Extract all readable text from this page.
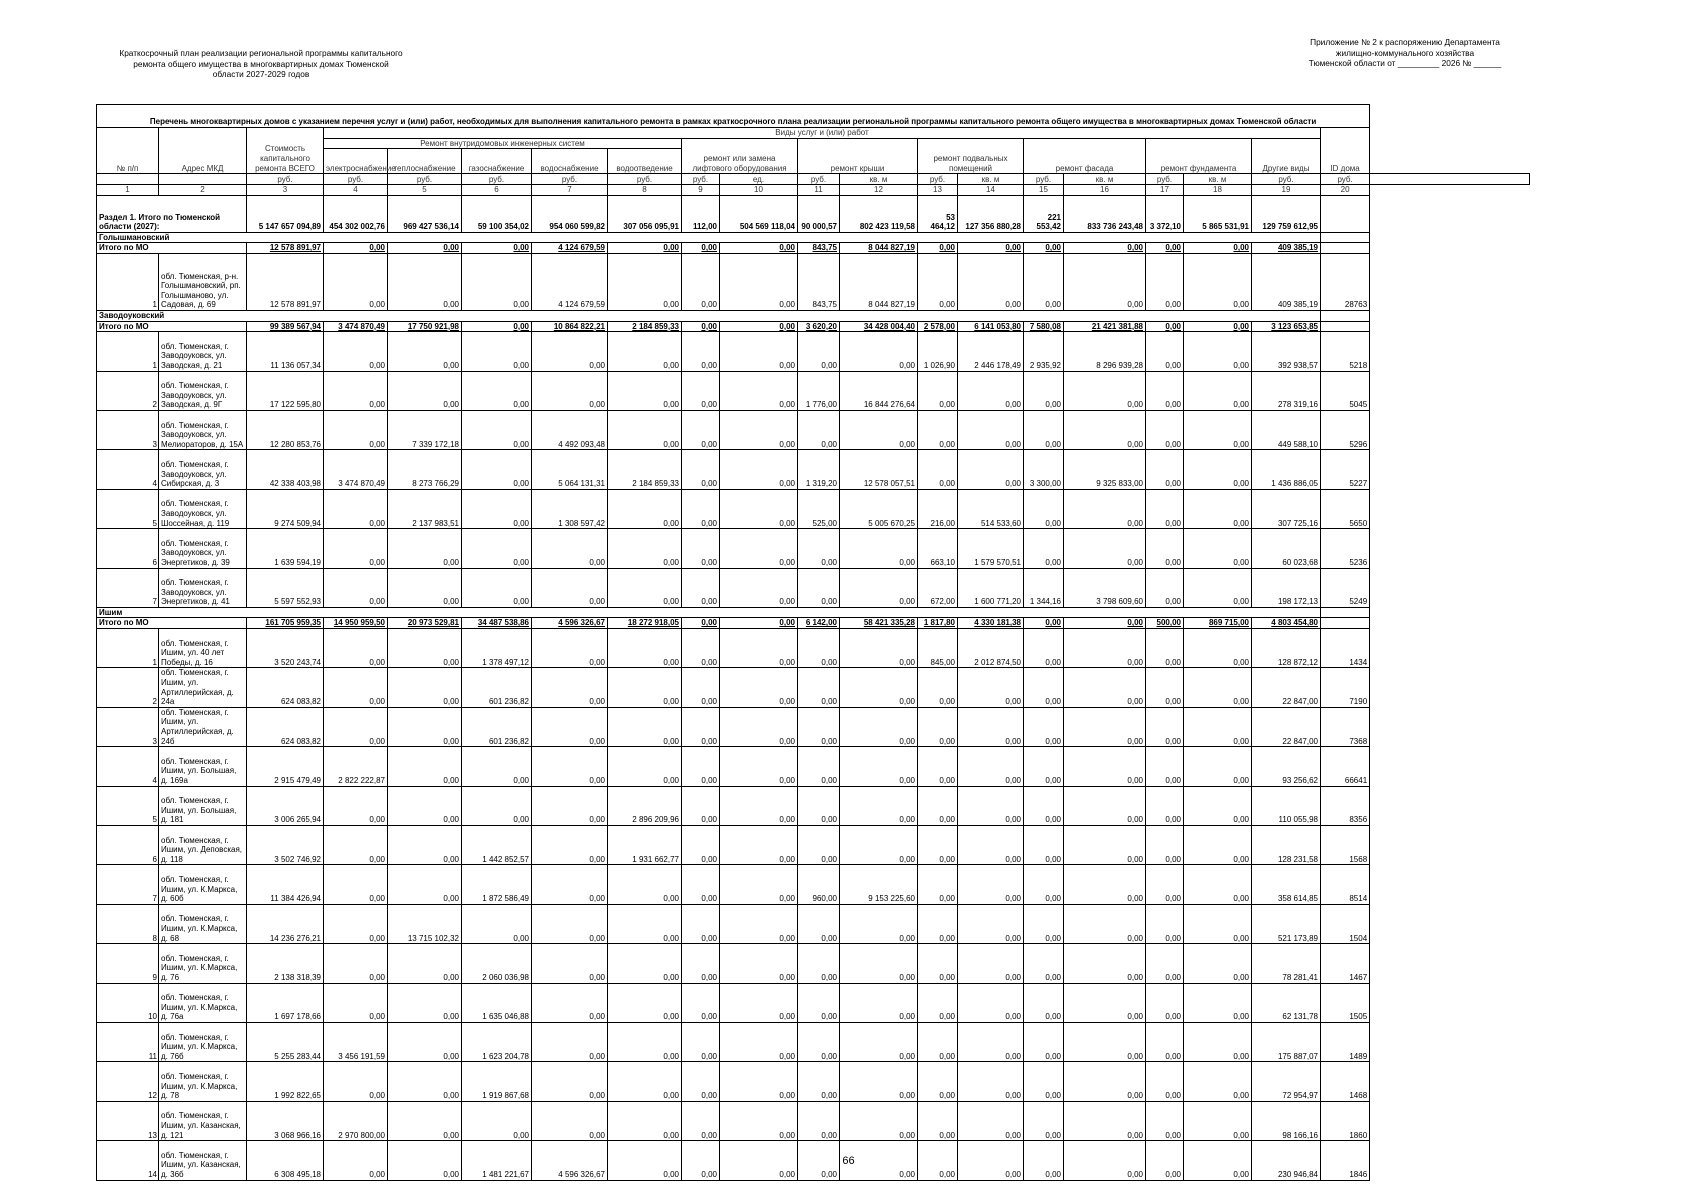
Краткосрочный план реализации региональной программы капитального
ремонта общего имущества в многоквартирных домах Тюменской
области 2027-2029 годов
Приложение № 2 к распоряжению Департамента
жилищно-коммунального хозяйства
Тюменской области от _________ 2026 № ______
Перечень многоквартирных домов с указанием перечня услуг и (или) работ, необходимых для выполнения капитального ремонта в рамках краткосрочного плана реализации региональной программы капитального ремонта общего имущества в многоквартирных домах Тюменской области																				
№ п/п	Адрес МКД	Стоимость капитального ремонта ВСЕГО	Виды услуг и (или) работ																ID дома	
			Ремонт внутридомовых инженерных систем					ремонт или замена лифтового оборудования		ремонт крыши		ремонт подвальных помещений		ремонт фасада		ремонт фундамента		Другие виды		
			электроснабжение	теплоснабжение	газоснабжение	водоснабжение	водоотведение													
		руб.	руб.	руб.	руб.	руб.	руб.	руб.	ед.	руб.	кв. м	руб.	кв. м	руб.	кв. м	руб.	кв. м	руб.	руб.	
1	2	3	4	5	6	7	8	9	10	11	12	13	14	15	16	17	18	19	20	
Раздел 1. Итого по Тюменской области (2027):		5 147 657 094,89	454 302 002,76	969 427 536,14	59 100 354,02	954 060 599,82	307 056 095,91	112,00	504 569 118,04	90 000,57	802 423 119,58	53 464,12	127 356 880,28	221 553,42	833 736 243,48	3 372,10	5 865 531,91	129 759 612,95		
Голышмановский																				
Итого по МО		12 578 891,97	0,00	0,00	0,00	4 124 679,59	0,00	0,00	0,00	843,75	8 044 827,19	0,00	0,00	0,00	0,00	0,00	0,00	409 385,19		
1	обл. Тюменская, р-н. Голышмановский, рп. Голышманово, ул. Садовая, д. 69	12 578 891,97	0,00	0,00	0,00	4 124 679,59	0,00	0,00	0,00	843,75	8 044 827,19	0,00	0,00	0,00	0,00	0,00	0,00	409 385,19	28763	
Заводоуковский																				
Итого по МО		99 389 567,94	3 474 870,49	17 750 921,98	0,00	10 864 822,21	2 184 859,33	0,00	0,00	3 620,20	34 428 004,40	2 578,00	6 141 053,80	7 580,08	21 421 381,88	0,00	0,00	3 123 653,85		
1	обл. Тюменская, г. Заводоуковск, ул. Заводская, д. 21	11 136 057,34	0,00	0,00	0,00	0,00	0,00	0,00	0,00	0,00	0,00	1 026,90	2 446 178,49	2 935,92	8 296 939,28	0,00	0,00	392 938,57	5218	
2	обл. Тюменская, г. Заводоуковск, ул. Заводская, д. 9Г	17 122 595,80	0,00	0,00	0,00	0,00	0,00	0,00	0,00	1 776,00	16 844 276,64	0,00	0,00	0,00	0,00	0,00	0,00	278 319,16	5045	
3	обл. Тюменская, г. Заводоуковск, ул. Мелиораторов, д. 15А	12 280 853,76	0,00	7 339 172,18	0,00	4 492 093,48	0,00	0,00	0,00	0,00	0,00	0,00	0,00	0,00	0,00	0,00	0,00	449 588,10	5296	
4	обл. Тюменская, г. Заводоуковск, ул. Сибирская, д. 3	42 338 403,98	3 474 870,49	8 273 766,29	0,00	5 064 131,31	2 184 859,33	0,00	0,00	1 319,20	12 578 057,51	0,00	0,00	3 300,00	9 325 833,00	0,00	0,00	1 436 886,05	5227	
5	обл. Тюменская, г. Заводоуковск, ул. Шоссейная, д. 119	9 274 509,94	0,00	2 137 983,51	0,00	1 308 597,42	0,00	0,00	0,00	525,00	5 005 670,25	216,00	514 533,60	0,00	0,00	0,00	0,00	307 725,16	5650	
6	обл. Тюменская, г. Заводоуковск, ул. Энергетиков, д. 39	1 639 594,19	0,00	0,00	0,00	0,00	0,00	0,00	0,00	0,00	0,00	663,10	1 579 570,51	0,00	0,00	0,00	0,00	60 023,68	5236	
7	обл. Тюменская, г. Заводоуковск, ул. Энергетиков, д. 41	5 597 552,93	0,00	0,00	0,00	0,00	0,00	0,00	0,00	0,00	0,00	672,00	1 600 771,20	1 344,16	3 798 609,60	0,00	0,00	198 172,13	5249	
Ишим																				
Итого по МО		161 705 959,35	14 950 959,50	20 973 529,81	34 487 538,86	4 596 326,67	18 272 918,05	0,00	0,00	6 142,00	58 421 335,28	1 817,80	4 330 181,38	0,00	0,00	500,00	869 715,00	4 803 454,80		
1	обл. Тюменская, г. Ишим, ул. 40 лет Победы, д. 16	3 520 243,74	0,00	0,00	1 378 497,12	0,00	0,00	0,00	0,00	0,00	0,00	845,00	2 012 874,50	0,00	0,00	0,00	0,00	128 872,12	1434	
2	обл. Тюменская, г. Ишим, ул. Артиллерийская, д. 24а	624 083,82	0,00	0,00	601 236,82	0,00	0,00	0,00	0,00	0,00	0,00	0,00	0,00	0,00	0,00	0,00	0,00	22 847,00	7190	
3	обл. Тюменская, г. Ишим, ул. Артиллерийская, д. 24б	624 083,82	0,00	0,00	601 236,82	0,00	0,00	0,00	0,00	0,00	0,00	0,00	0,00	0,00	0,00	0,00	0,00	22 847,00	7368	
4	обл. Тюменская, г. Ишим, ул. Большая, д. 169а	2 915 479,49	2 822 222,87	0,00	0,00	0,00	0,00	0,00	0,00	0,00	0,00	0,00	0,00	0,00	0,00	0,00	0,00	93 256,62	66641	
5	обл. Тюменская, г. Ишим, ул. Большая, д. 181	3 006 265,94	0,00	0,00	0,00	0,00	2 896 209,96	0,00	0,00	0,00	0,00	0,00	0,00	0,00	0,00	0,00	0,00	110 055,98	8356	
6	обл. Тюменская, г. Ишим, ул. Деповская, д. 118	3 502 746,92	0,00	0,00	1 442 852,57	0,00	1 931 662,77	0,00	0,00	0,00	0,00	0,00	0,00	0,00	0,00	0,00	0,00	128 231,58	1568	
7	обл. Тюменская, г. Ишим, ул. К.Маркса, д. 60б	11 384 426,94	0,00	0,00	1 872 586,49	0,00	0,00	0,00	0,00	960,00	9 153 225,60	0,00	0,00	0,00	0,00	0,00	0,00	358 614,85	8514	
8	обл. Тюменская, г. Ишим, ул. К.Маркса, д. 68	14 236 276,21	0,00	13 715 102,32	0,00	0,00	0,00	0,00	0,00	0,00	0,00	0,00	0,00	0,00	0,00	0,00	0,00	521 173,89	1504	
9	обл. Тюменская, г. Ишим, ул. К.Маркса, д. 76	2 138 318,39	0,00	0,00	2 060 036,98	0,00	0,00	0,00	0,00	0,00	0,00	0,00	0,00	0,00	0,00	0,00	0,00	78 281,41	1467	
10	обл. Тюменская, г. Ишим, ул. К.Маркса, д. 76а	1 697 178,66	0,00	0,00	1 635 046,88	0,00	0,00	0,00	0,00	0,00	0,00	0,00	0,00	0,00	0,00	0,00	0,00	62 131,78	1505	
11	обл. Тюменская, г. Ишим, ул. К.Маркса, д. 76б	5 255 283,44	3 456 191,59	0,00	1 623 204,78	0,00	0,00	0,00	0,00	0,00	0,00	0,00	0,00	0,00	0,00	0,00	0,00	175 887,07	1489	
12	обл. Тюменская, г. Ишим, ул. К.Маркса, д. 78	1 992 822,65	0,00	0,00	1 919 867,68	0,00	0,00	0,00	0,00	0,00	0,00	0,00	0,00	0,00	0,00	0,00	0,00	72 954,97	1468	
13	обл. Тюменская, г. Ишим, ул. Казанская, д. 121	3 068 966,16	2 970 800,00	0,00	0,00	0,00	0,00	0,00	0,00	0,00	0,00	0,00	0,00	0,00	0,00	0,00	0,00	98 166,16	1860	
14	обл. Тюменская, г. Ишим, ул. Казанская, д. 36б	6 308 495,18	0,00	0,00	1 481 221,67	4 596 326,67	0,00	0,00	0,00	0,00	0,00	0,00	0,00	0,00	0,00	0,00	0,00	230 946,84	1846	
66
